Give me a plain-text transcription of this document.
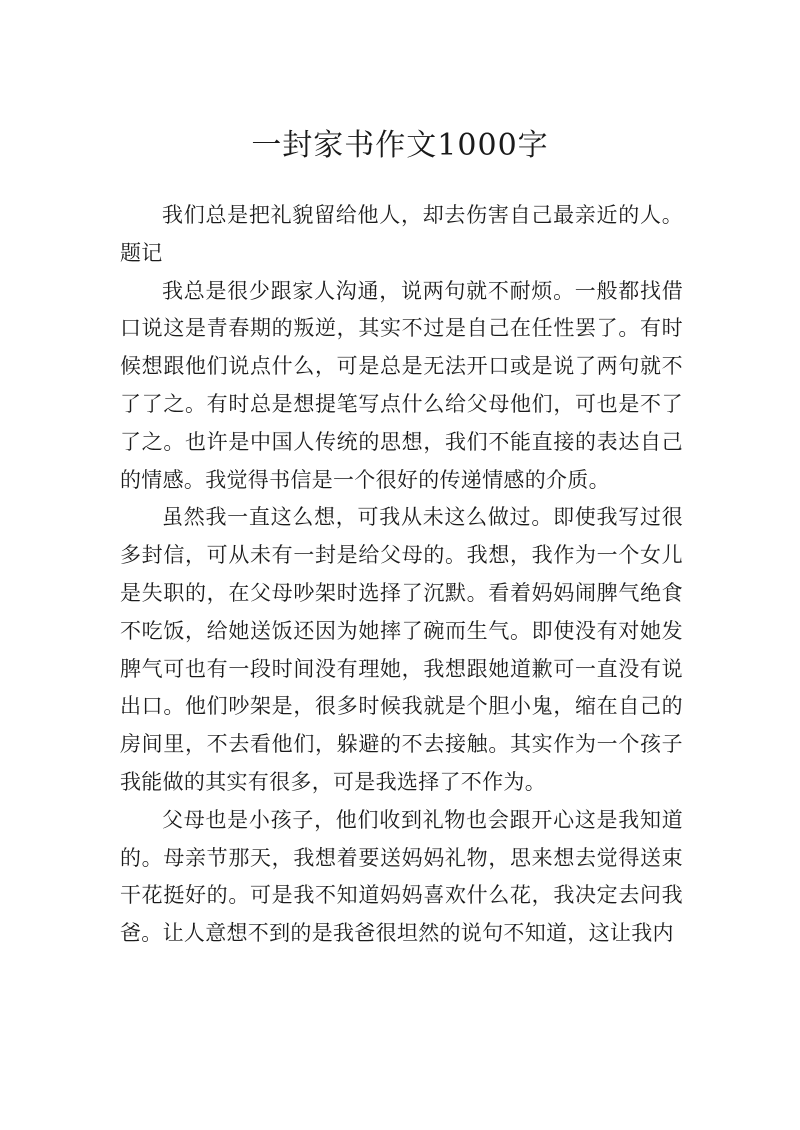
一封家书作文1000字

我们总是把礼貌留给他人，却去伤害自己最亲近的人。题记

我总是很少跟家人沟通，说两句就不耐烦。一般都找借口说这是青春期的叛逆，其实不过是自己在任性罢了。有时候想跟他们说点什么，可是总是无法开口或是说了两句就不了了之。有时总是想提笔写点什么给父母他们，可也是不了了之。也许是中国人传统的思想，我们不能直接的表达自己的情感。我觉得书信是一个很好的传递情感的介质。

虽然我一直这么想，可我从未这么做过。即使我写过很多封信，可从未有一封是给父母的。我想，我作为一个女儿是失职的，在父母吵架时选择了沉默。看着妈妈闹脾气绝食不吃饭，给她送饭还因为她摔了碗而生气。即使没有对她发脾气可也有一段时间没有理她，我想跟她道歉可一直没有说出口。他们吵架是，很多时候我就是个胆小鬼，缩在自己的房间里，不去看他们，躲避的不去接触。其实作为一个孩子我能做的其实有很多，可是我选择了不作为。

父母也是小孩子，他们收到礼物也会跟开心这是我知道的。母亲节那天，我想着要送妈妈礼物，思来想去觉得送束干花挺好的。可是我不知道妈妈喜欢什么花，我决定去问我爸。让人意想不到的是我爸很坦然的说句不知道，这让我内
